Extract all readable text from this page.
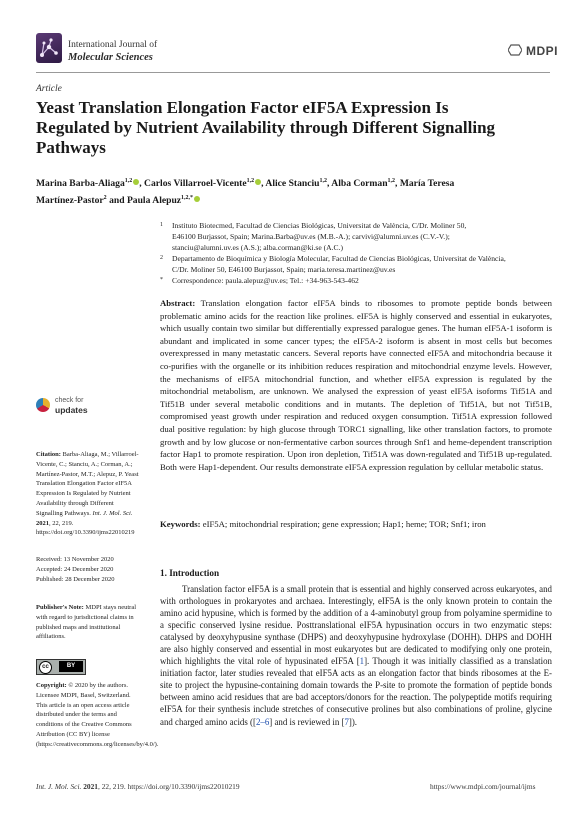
International Journal of
Molecular Sciences	MDPI
Article
Yeast Translation Elongation Factor eIF5A Expression Is Regulated by Nutrient Availability through Different Signalling Pathways
Marina Barba-Aliaga$^{1,2}$ , Carlos Villarroel-Vicente$^{1,2}$ , Alice Stanciu$^{1,2}$, Alba Corman$^{1,2}$, María Teresa Martínez-Pastor$^2$ and Paula Alepuz$^{1,2,*}$
1 Instituto Biotecmed, Facultad de Ciencias Biológicas, Universitat de València, C/Dr. Moliner 50,
E46100 Burjassot, Spain; Marina.Barba@uv.es (M.B.-A.); carvivi@alumni.uv.es (C.V.-V.);
stanciu@alumni.uv.es (A.S.); alba.corman@ki.se (A.C.)
2 Departamento de Bioquímica y Biología Molecular, Facultad de Ciencias Biológicas, Universitat de València,
C/Dr. Moliner 50, E46100 Burjassot, Spain; maria.teresa.martinez@uv.es
* Correspondence: paula.alepuz@uv.es; Tel.: +34-963-543-462
Abstract: Translation elongation factor eIF5A binds to ribosomes to promote peptide bonds between problematic amino acids for the reaction like prolines. eIF5A is highly conserved and essential in eukaryotes, which usually contain two similar but differentially expressed paralogue genes. The human eIF5A-1 isoform is abundant and implicated in some cancer types; the eIF5A-2 isoform is absent in most cells but becomes overexpressed in many metastatic cancers. Several reports have connected eIF5A and mitochondria because it co-purifies with the organelle or its inhibition reduces respiration and mitochondrial enzyme levels. However, the mechanisms of eIF5A mitochondrial function, and whether eIF5A expression is regulated by the mitochondrial metabolism, are unknown. We analysed the expression of yeast eIF5A isoforms Tif51A and Tif51B under several metabolic conditions and in mutants. The depletion of Tif51A, but not Tif51B, compromised yeast growth under respiration and reduced oxygen consumption. Tif51A expression followed dual positive regulation: by high glucose through TORC1 signalling, like other translation factors, to promote growth and by low glucose or non-fermentative carbon sources through Snf1 and heme-dependent transcription factor Hap1 to promote respiration. Upon iron depletion, Tif51A was down-regulated and Tif51B up-regulated. Both were Hap1-dependent. Our results demonstrate eIF5A expression regulation by cellular metabolic status.
Keywords: eIF5A; mitochondrial respiration; gene expression; Hap1; heme; TOR; Snf1; iron
1. Introduction
Translation factor eIF5A is a small protein that is essential and highly conserved across eukaryotes, and with orthologues in prokaryotes and archaea. Interestingly, eIF5A is the only known protein to contain the amino acid hypusine, which is formed by the addition of a 4-aminobutyl group from polyamine spermidine to a specific conserved lysine residue. Posttranslational eIF5A hypusination occurs in two enzymatic steps: catalysed by deoxyhypusine synthase (DHPS) and deoxyhypusine hydroxylase (DOHH). DHPS and DOHH are also highly conserved and essential in most eukaryotes but are dedicated to modifying only one protein, which highlights the vital role of hypusinated eIF5A [1]. Though it was initially classified as a translation initiation factor, later studies revealed that eIF5A acts as an elongation factor that binds ribosomes at the E-site to project the hypusine-containing domain towards the P-site to promote the formation of peptide bonds between amino acid residues that are bad acceptors/donors for the reaction. The polypeptide motifs requiring eIF5A for their synthesis include stretches of consecutive prolines but also combinations of proline, glycine and charged amino acids ([2–6] and is reviewed in [7]).
check for
updates
Citation: Barba-Aliaga, M.; Villarroel-Vicente, C.; Stanciu, A.; Corman, A.; Martínez-Pastor, M.T.; Alepuz, P. Yeast Translation Elongation Factor eIF5A Expression Is Regulated by Nutrient Availability through Different Signalling Pathways. Int. J. Mol. Sci. 2021, 22, 219. https://doi.org/10.3390/ijms22010219
Received: 13 November 2020
Accepted: 24 December 2020
Published: 28 December 2020
Publisher's Note: MDPI stays neutral with regard to jurisdictional claims in published maps and institutional affiliations.
cc	BY
Copyright: © 2020 by the authors. Licensee MDPI, Basel, Switzerland. This article is an open access article distributed under the terms and conditions of the Creative Commons Attribution (CC BY) license (https://creativecommons.org/licenses/by/4.0/).
Int. J. Mol. Sci. 2021, 22, 219. https://doi.org/10.3390/ijms22010219	https://www.mdpi.com/journal/ijms
